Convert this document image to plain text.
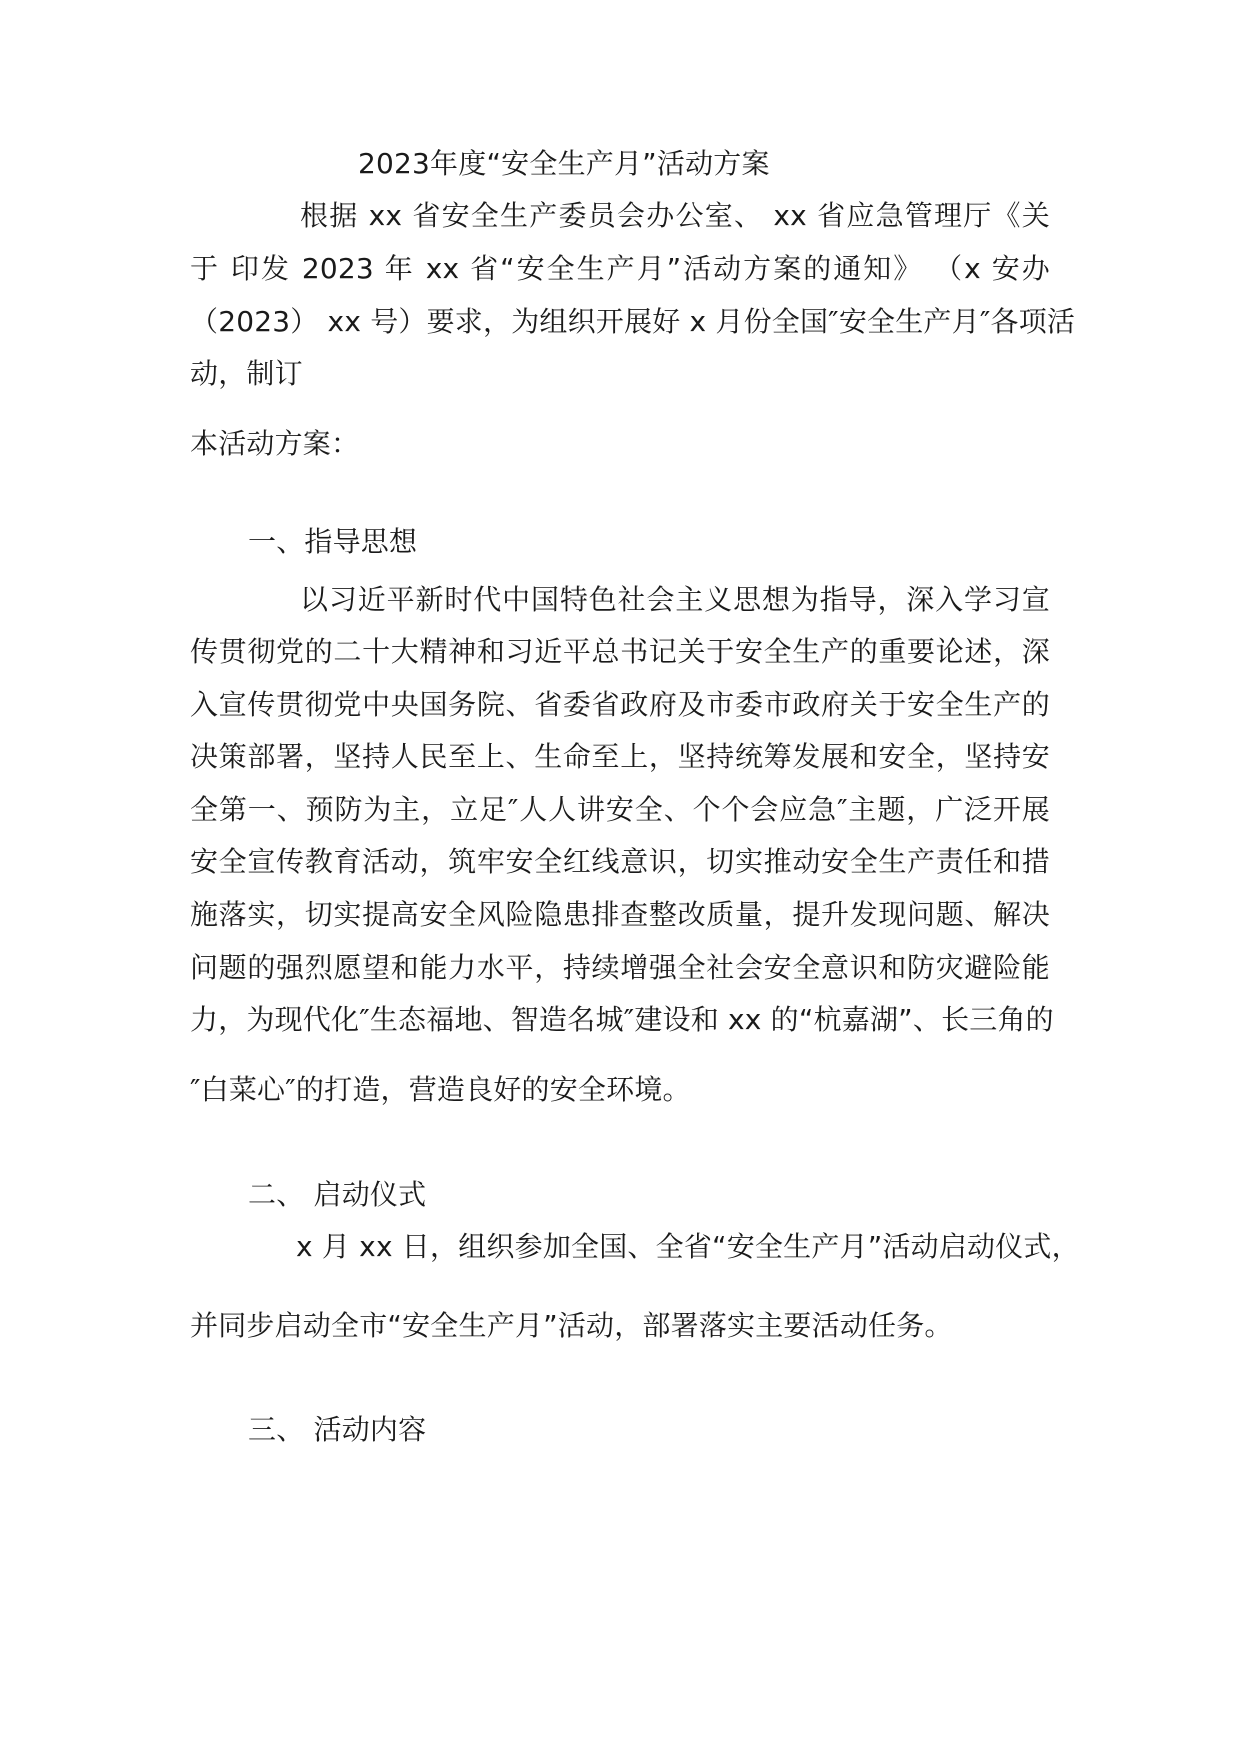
2023年度“安全生产月”活动方案
根据 xx 省安全生产委员会办公室、 xx 省应急管理厅《关
于 印发 2023 年 xx 省“安全生产月”活动方案的通知》 （x 安办
（2023） xx 号）要求，为组织开展好 x 月份全国″安全生产月″各项活
动，制订
本活动方案：
一、指导思想
以习近平新时代中国特色社会主义思想为指导，深入学习宣
传贯彻党的二十大精神和习近平总书记关于安全生产的重要论述，深
入宣传贯彻党中央国务院、省委省政府及市委市政府关于安全生产的
决策部署，坚持人民至上、生命至上，坚持统筹发展和安全，坚持安
全第一、预防为主，立足″人人讲安全、个个会应急″主题，广泛开展
安全宣传教育活动，筑牢安全红线意识，切实推动安全生产责任和措
施落实，切实提高安全风险隐患排查整改质量，提升发现问题、解决
问题的强烈愿望和能力水平，持续增强全社会安全意识和防灾避险能
力，为现代化″生态福地、智造名城″建设和 xx 的“杭嘉湖”、长三角的
″白菜心″的打造，营造良好的安全环境。
二、 启动仪式
x 月 xx 日，组织参加全国、全省“安全生产月”活动启动仪式，
并同步启动全市“安全生产月”活动，部署落实主要活动任务。
三、 活动内容
